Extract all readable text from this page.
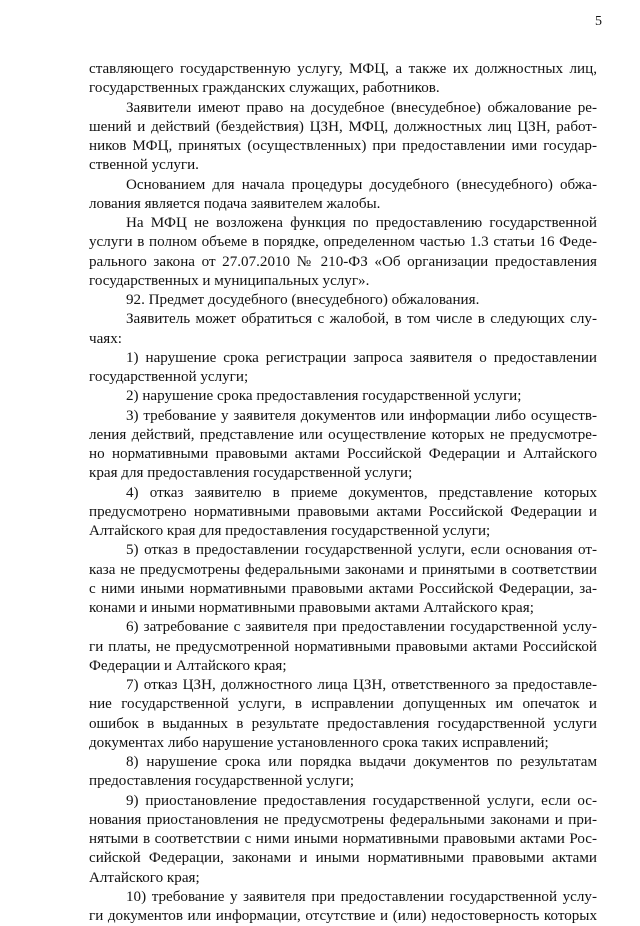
5
ставляющего государственную услугу, МФЦ, а также их должностных лиц,
государственных гражданских служащих, работников.
Заявители имеют право на досудебное (внесудебное) обжалование ре-
шений и действий (бездействия) ЦЗН, МФЦ, должностных лиц ЦЗН, работ-
ников МФЦ, принятых (осуществленных) при предоставлении ими государ-
ственной услуги.
Основанием для начала процедуры досудебного (внесудебного) обжа-
лования является подача заявителем жалобы.
На МФЦ не возложена функция по предоставлению государственной
услуги в полном объеме в порядке, определенном частью 1.3 статьи 16 Феде-
рального закона от 27.07.2010 № 210-ФЗ «Об организации предоставления
государственных и муниципальных услуг».
92. Предмет досудебного (внесудебного) обжалования.
Заявитель может обратиться с жалобой, в том числе в следующих слу-
чаях:
1) нарушение срока регистрации запроса заявителя о предоставлении
государственной услуги;
2) нарушение срока предоставления государственной услуги;
3) требование у заявителя документов или информации либо осуществ-
ления действий, представление или осуществление которых не предусмотре-
но нормативными правовыми актами Российской Федерации и Алтайского
края для предоставления государственной услуги;
4) отказ заявителю в приеме документов, представление которых
предусмотрено нормативными правовыми актами Российской Федерации и
Алтайского края для предоставления государственной услуги;
5) отказ в предоставлении государственной услуги, если основания от-
каза не предусмотрены федеральными законами и принятыми в соответствии
с ними иными нормативными правовыми актами Российской Федерации, за-
конами и иными нормативными правовыми актами Алтайского края;
6) затребование с заявителя при предоставлении государственной услу-
ги платы, не предусмотренной нормативными правовыми актами Российской
Федерации и Алтайского края;
7) отказ ЦЗН, должностного лица ЦЗН, ответственного за предоставле-
ние государственной услуги, в исправлении допущенных им опечаток и
ошибок в выданных в результате предоставления государственной услуги
документах либо нарушение установленного срока таких исправлений;
8) нарушение срока или порядка выдачи документов по результатам
предоставления государственной услуги;
9) приостановление предоставления государственной услуги, если ос-
нования приостановления не предусмотрены федеральными законами и при-
нятыми в соответствии с ними иными нормативными правовыми актами Рос-
сийской Федерации, законами и иными нормативными правовыми актами
Алтайского края;
10) требование у заявителя при предоставлении государственной услу-
ги документов или информации, отсутствие и (или) недостоверность которых
